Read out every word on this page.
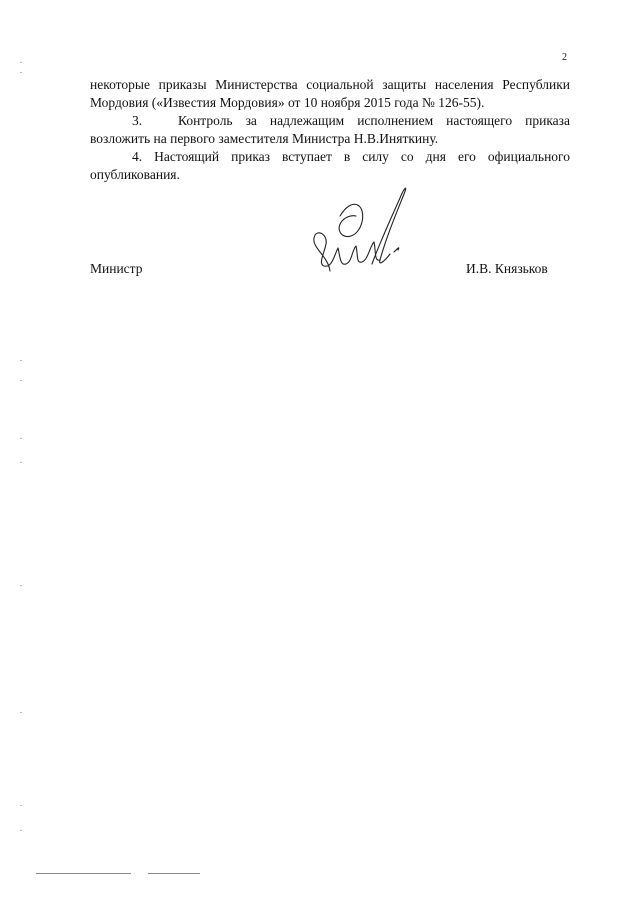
2

некоторые приказы Министерства социальной защиты населения Республики Мордовия («Известия Мордовия» от 10 ноября 2015 года № 126-55).

3.	Контроль за надлежащим исполнением настоящего приказа возложить на первого заместителя Министра Н.В.Иняткину.

4. Настоящий приказ вступает в силу со дня его официального опубликования.

Министр	И.В. Князьков
